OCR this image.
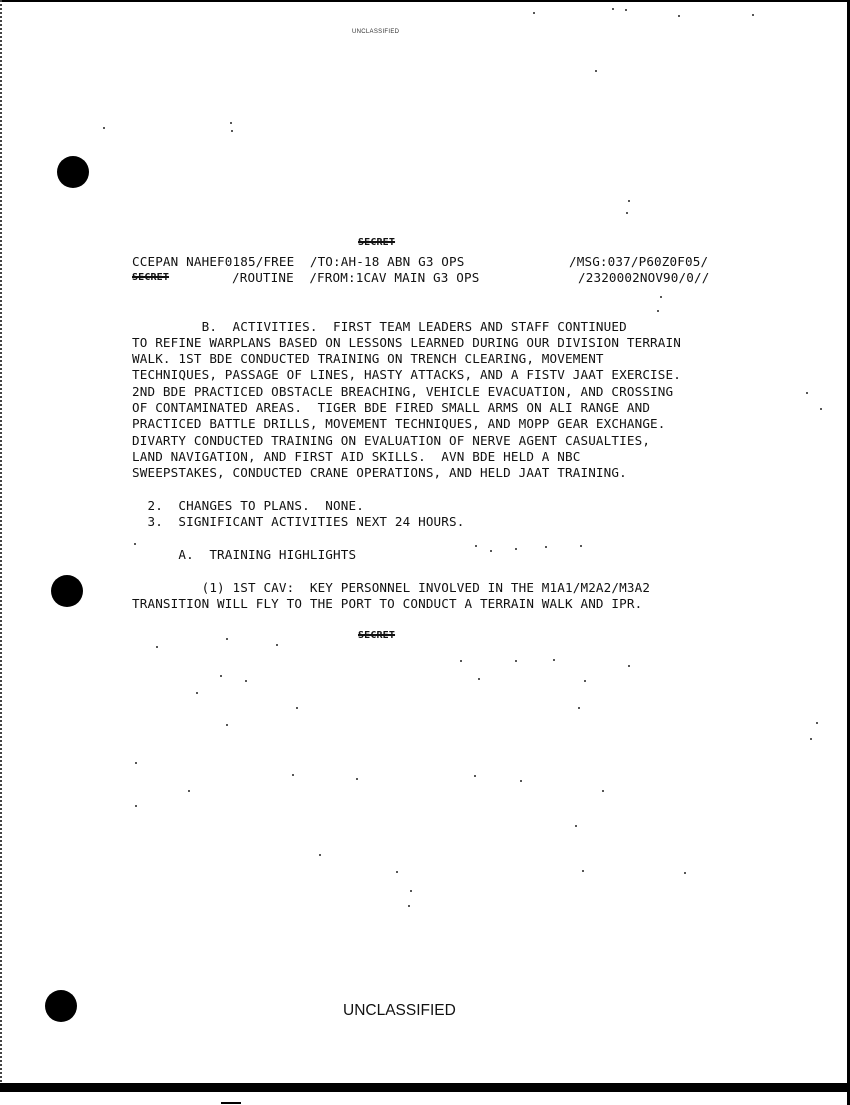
UNCLASSIFIED
SECRET
CCEPAN NAHEF0185/FREE  /TO:AH-18 ABN G3 OPS	/MSG:037/P60Z0F05/
SECRET	/ROUTINE  /FROM:1CAV MAIN G3 OPS	/2320002NOV90/0//
B.  ACTIVITIES.  FIRST TEAM LEADERS AND STAFF CONTINUED
TO REFINE WARPLANS BASED ON LESSONS LEARNED DURING OUR DIVISION TERRAIN
WALK. 1ST BDE CONDUCTED TRAINING ON TRENCH CLEARING, MOVEMENT
TECHNIQUES, PASSAGE OF LINES, HASTY ATTACKS, AND A FISTV JAAT EXERCISE.
2ND BDE PRACTICED OBSTACLE BREACHING, VEHICLE EVACUATION, AND CROSSING
OF CONTAMINATED AREAS.  TIGER BDE FIRED SMALL ARMS ON ALI RANGE AND
PRACTICED BATTLE DRILLS, MOVEMENT TECHNIQUES, AND MOPP GEAR EXCHANGE.
DIVARTY CONDUCTED TRAINING ON EVALUATION OF NERVE AGENT CASUALTIES,
LAND NAVIGATION, AND FIRST AID SKILLS.  AVN BDE HELD A NBC
SWEEPSTAKES, CONDUCTED CRANE OPERATIONS, AND HELD JAAT TRAINING.
2.  CHANGES TO PLANS.  NONE.
3.  SIGNIFICANT ACTIVITIES NEXT 24 HOURS.
A.  TRAINING HIGHLIGHTS
(1) 1ST CAV:  KEY PERSONNEL INVOLVED IN THE M1A1/M2A2/M3A2
TRANSITION WILL FLY TO THE PORT TO CONDUCT A TERRAIN WALK AND IPR.
SECRET
UNCLASSIFIED
